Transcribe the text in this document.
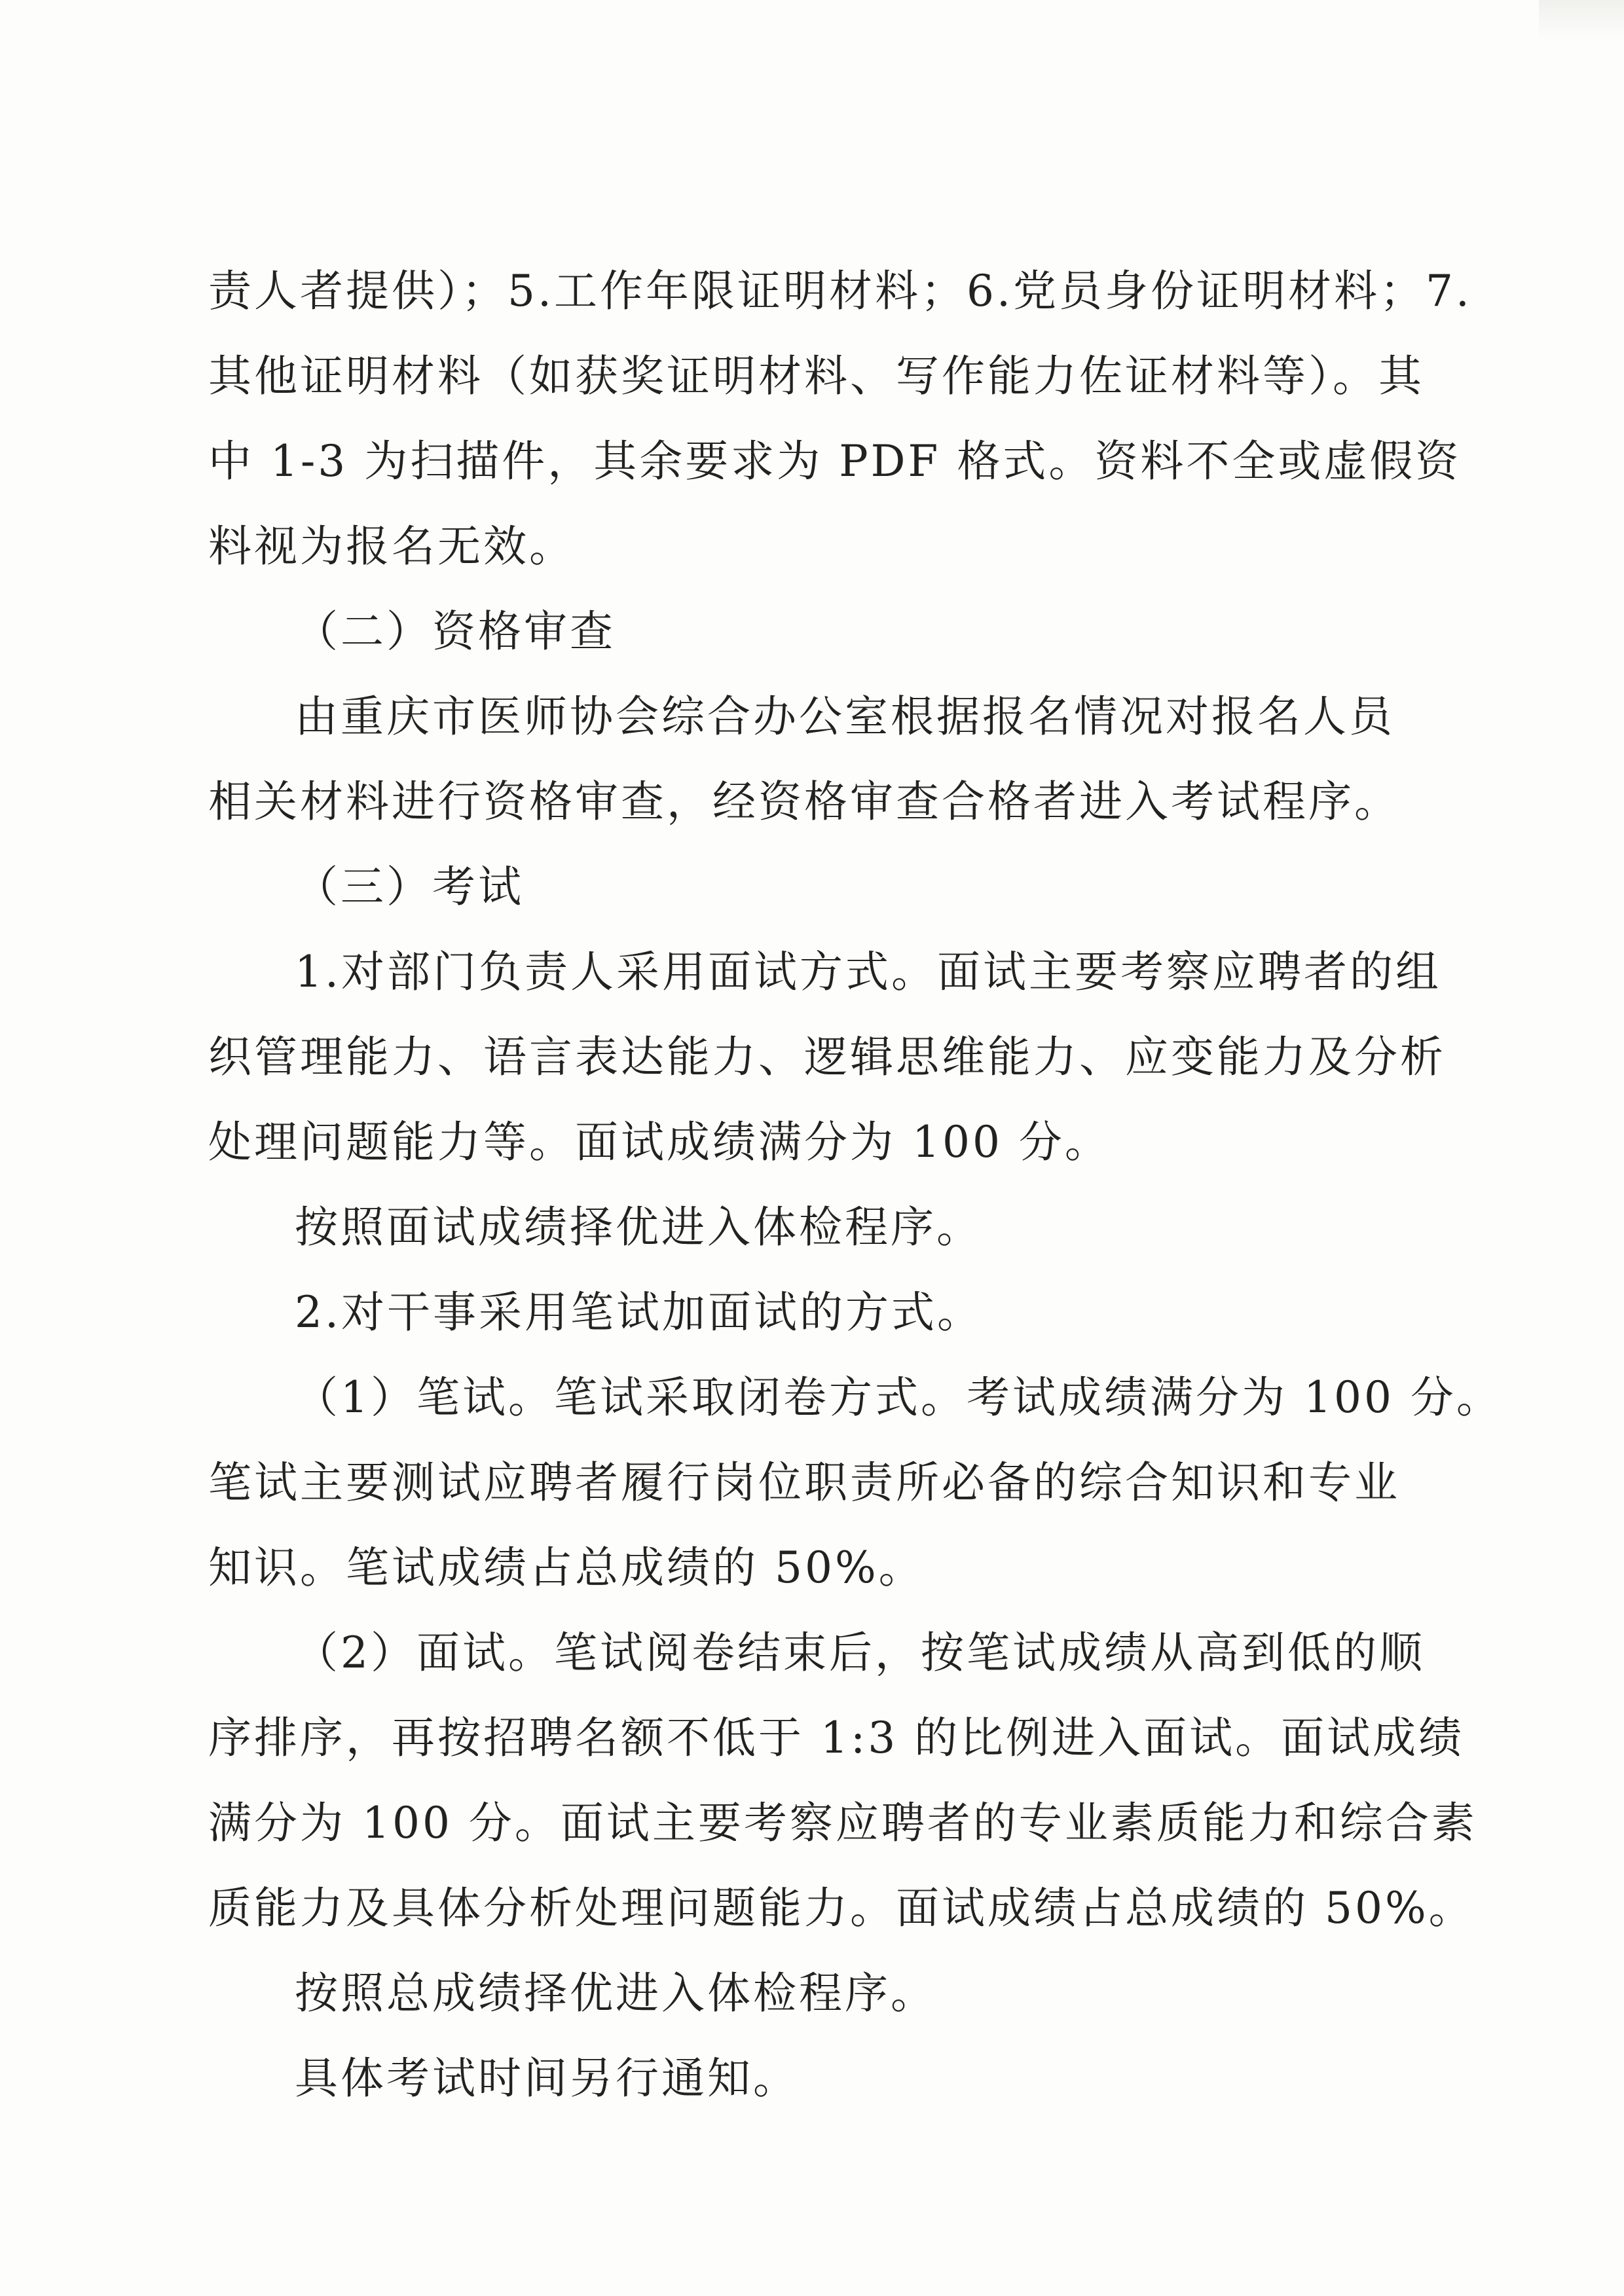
责人者提供）；5.工作年限证明材料；6.党员身份证明材料；7.
其他证明材料（如获奖证明材料、写作能力佐证材料等）。其
中 1-3 为扫描件，其余要求为 PDF 格式。资料不全或虚假资
料视为报名无效。
（二）资格审查
由重庆市医师协会综合办公室根据报名情况对报名人员
相关材料进行资格审查，经资格审查合格者进入考试程序。
（三）考试
1.对部门负责人采用面试方式。面试主要考察应聘者的组
织管理能力、语言表达能力、逻辑思维能力、应变能力及分析
处理问题能力等。面试成绩满分为 100 分。
按照面试成绩择优进入体检程序。
2.对干事采用笔试加面试的方式。
（1）笔试。笔试采取闭卷方式。考试成绩满分为 100 分。
笔试主要测试应聘者履行岗位职责所必备的综合知识和专业
知识。笔试成绩占总成绩的 50%。
（2）面试。笔试阅卷结束后，按笔试成绩从高到低的顺
序排序，再按招聘名额不低于 1:3 的比例进入面试。面试成绩
满分为 100 分。面试主要考察应聘者的专业素质能力和综合素
质能力及具体分析处理问题能力。面试成绩占总成绩的 50%。
按照总成绩择优进入体检程序。
具体考试时间另行通知。
